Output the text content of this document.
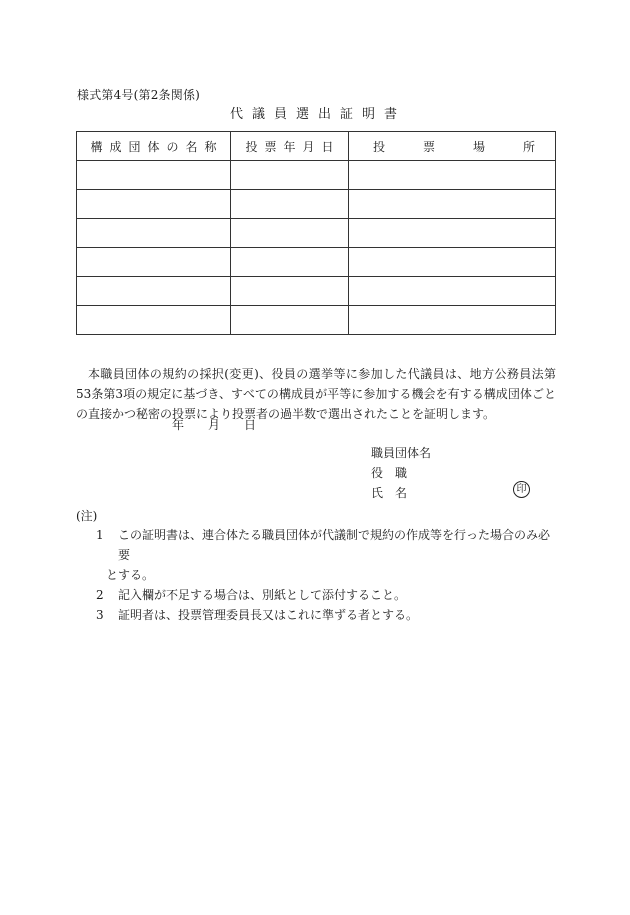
様式第4号(第2条関係)
代議員選出証明書
構成団体の名称	投票年月日	投 票 場 所

本職員団体の規約の採択(変更)、役員の選挙等に参加した代議員は、地方公務員法第53条第3項の規定に基づき、すべての構成員が平等に参加する機会を有する構成団体ごとの直接かつ秘密の投票により投票者の過半数で選出されたことを証明します。

年	月	日
職員団体名
役職
氏名	印
(注)
1	この証明書は、連合体たる職員団体が代議制で規約の作成等を行った場合のみ必要
とする。
2	記入欄が不足する場合は、別紙として添付すること。
3	証明者は、投票管理委員長又はこれに準ずる者とする。
